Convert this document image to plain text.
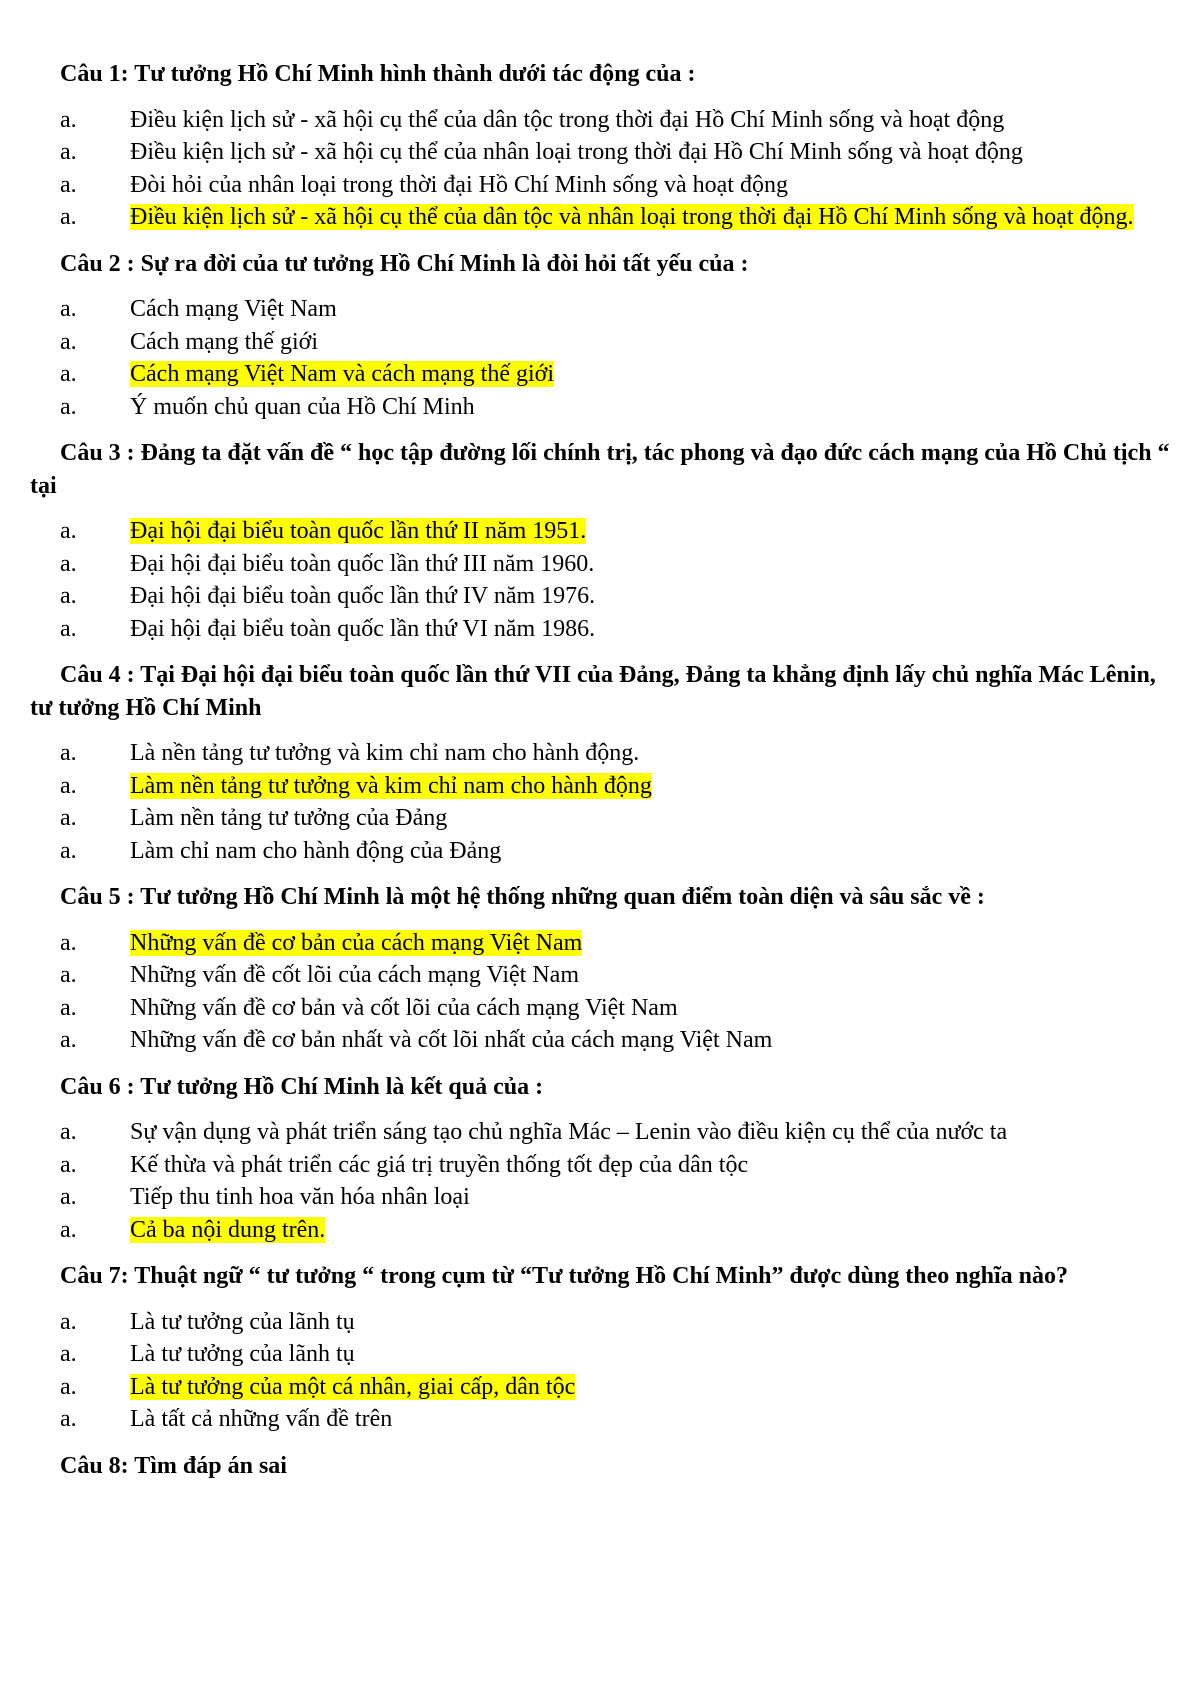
Câu 1: Tư tưởng Hồ Chí Minh hình thành dưới tác động của :
a. Điều kiện lịch sử - xã hội cụ thể của dân tộc trong thời đại Hồ Chí Minh sống và hoạt động
a. Điều kiện lịch sử - xã hội cụ thể của nhân loại trong thời đại Hồ Chí Minh sống và hoạt động
a. Đòi hỏi của nhân loại trong thời đại Hồ Chí Minh sống và hoạt động
a. Điều kiện lịch sử - xã hội cụ thể của dân tộc và nhân loại trong thời đại Hồ Chí Minh sống và hoạt động.
Câu 2 : Sự ra đời của tư tưởng Hồ Chí Minh là đòi hỏi tất yếu của :
a. Cách mạng Việt Nam
a. Cách mạng thế giới
a. Cách mạng Việt Nam và cách mạng thế giới
a. Ý muốn chủ quan của Hồ Chí Minh
Câu 3 : Đảng ta đặt vấn đề “ học tập đường lối chính trị, tác phong và đạo đức cách mạng của Hồ Chủ tịch “ tại
a. Đại hội đại biểu toàn quốc lần thứ II năm 1951.
a. Đại hội đại biểu toàn quốc lần thứ III năm 1960.
a. Đại hội đại biểu toàn quốc lần thứ IV năm 1976.
a. Đại hội đại biểu toàn quốc lần thứ VI năm 1986.
Câu 4 : Tại Đại hội đại biểu toàn quốc lần thứ VII của Đảng, Đảng ta khẳng định lấy chủ nghĩa Mác Lênin, tư tưởng Hồ Chí Minh
a. Là nền tảng tư tưởng và kim chỉ nam cho hành động.
a. Làm nền tảng tư tưởng và kim chỉ nam cho hành động
a. Làm nền tảng tư tưởng của Đảng
a. Làm chỉ nam cho hành động của Đảng
Câu 5 : Tư tưởng Hồ Chí Minh là một hệ thống những quan điểm toàn diện và sâu sắc về :
a. Những vấn đề cơ bản của cách mạng Việt Nam
a. Những vấn đề cốt lõi của cách mạng Việt Nam
a. Những vấn đề cơ bản và cốt lõi của cách mạng Việt Nam
a. Những vấn đề cơ bản nhất và cốt lõi nhất của cách mạng Việt Nam
Câu 6 : Tư tưởng Hồ Chí Minh là kết quả của :
a. Sự vận dụng và phát triển sáng tạo chủ nghĩa Mác – Lenin vào điều kiện cụ thể của nước ta
a. Kế thừa và phát triển các giá trị truyền thống tốt đẹp của dân tộc
a. Tiếp thu tinh hoa văn hóa nhân loại
a. Cả ba nội dung trên.
Câu 7: Thuật ngữ “ tư tưởng “ trong cụm từ “Tư tưởng Hồ Chí Minh” được dùng theo nghĩa nào?
a. Là tư tưởng của lãnh tụ
a. Là tư tưởng của lãnh tụ
a. Là tư tưởng của một cá nhân, giai cấp, dân tộc
a. Là tất cả những vấn đề trên
Câu 8: Tìm đáp án sai
